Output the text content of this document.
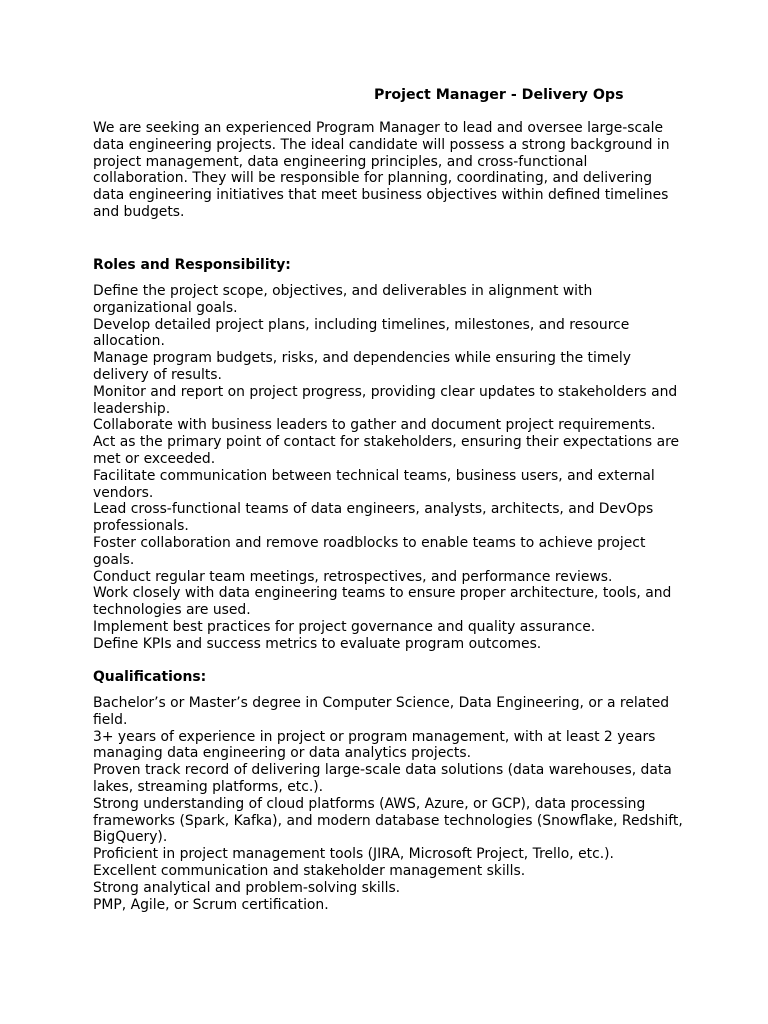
Project Manager - Delivery Ops

We are seeking an experienced Program Manager to lead and oversee large-scale data engineering projects. The ideal candidate will possess a strong background in project management, data engineering principles, and cross-functional collaboration. They will be responsible for planning, coordinating, and delivering data engineering initiatives that meet business objectives within defined timelines and budgets.

Roles and Responsibility:
Define the project scope, objectives, and deliverables in alignment with organizational goals.
Develop detailed project plans, including timelines, milestones, and resource allocation.
Manage program budgets, risks, and dependencies while ensuring the timely delivery of results.
Monitor and report on project progress, providing clear updates to stakeholders and leadership.
Collaborate with business leaders to gather and document project requirements.
Act as the primary point of contact for stakeholders, ensuring their expectations are met or exceeded.
Facilitate communication between technical teams, business users, and external vendors.
Lead cross-functional teams of data engineers, analysts, architects, and DevOps professionals.
Foster collaboration and remove roadblocks to enable teams to achieve project goals.
Conduct regular team meetings, retrospectives, and performance reviews.
Work closely with data engineering teams to ensure proper architecture, tools, and technologies are used.
Implement best practices for project governance and quality assurance.
Define KPIs and success metrics to evaluate program outcomes.
Qualifications:
Bachelor’s or Master’s degree in Computer Science, Data Engineering, or a related field.
3+ years of experience in project or program management, with at least 2 years managing data engineering or data analytics projects.
Proven track record of delivering large-scale data solutions (data warehouses, data lakes, streaming platforms, etc.).
Strong understanding of cloud platforms (AWS, Azure, or GCP), data processing frameworks (Spark, Kafka), and modern database technologies (Snowflake, Redshift, BigQuery).
Proficient in project management tools (JIRA, Microsoft Project, Trello, etc.).
Excellent communication and stakeholder management skills.
Strong analytical and problem-solving skills.
PMP, Agile, or Scrum certification.
